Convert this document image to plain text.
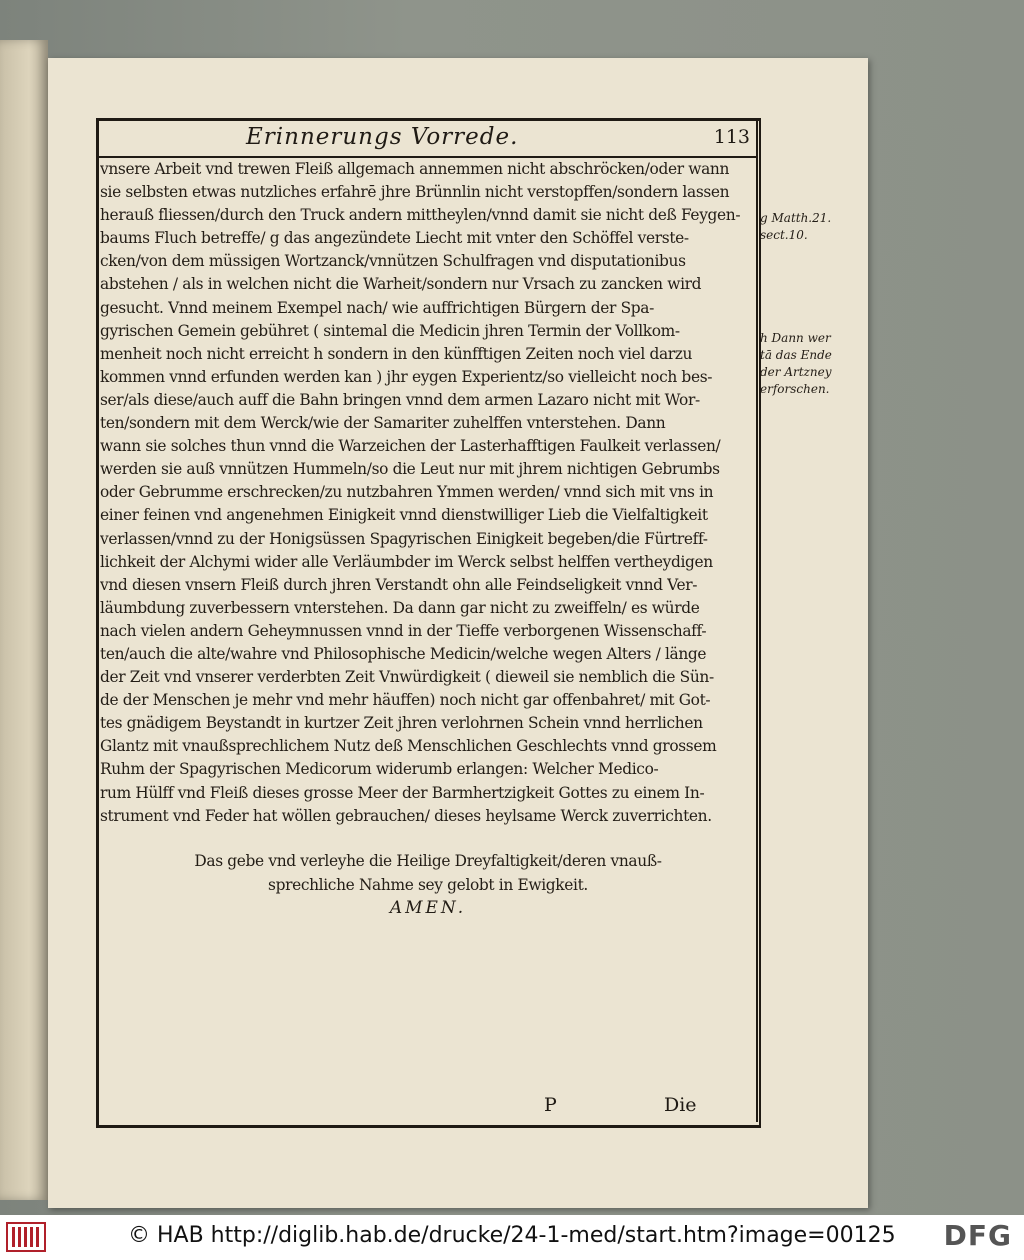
Erinnerungs Vorrede.	113
vnsere Arbeit vnd trewen Fleiß allgemach annemmen nicht abschröcken/oder wann
sie selbsten etwas nutzliches erfahrē jhre Brünnlin nicht verstopffen/sondern lassen
herauß fliessen/durch den Truck andern mittheylen/vnnd damit sie nicht deß Feygen-
baums Fluch betreffe/ g das angezündete Liecht mit vnter den Schöffel verste-
cken/von dem müssigen Wortzanck/vnnützen Schulfragen vnd disputationibus
abstehen / als in welchen nicht die Warheit/sondern nur Vrsach zu zancken wird
gesucht. Vnnd meinem Exempel nach/ wie auffrichtigen Bürgern der Spa-
gyrischen Gemein gebühret ( sintemal die Medicin jhren Termin der Vollkom-
menheit noch nicht erreicht h sondern in den künfftigen Zeiten noch viel darzu
kommen vnnd erfunden werden kan ) jhr eygen Experientz/so vielleicht noch bes-
ser/als diese/auch auff die Bahn bringen vnnd dem armen Lazaro nicht mit Wor-
ten/sondern mit dem Werck/wie der Samariter zuhelffen vnterstehen. Dann
wann sie solches thun vnnd die Warzeichen der Lasterhafftigen Faulkeit verlassen/
werden sie auß vnnützen Hummeln/so die Leut nur mit jhrem nichtigen Gebrumbs
oder Gebrumme erschrecken/zu nutzbahren Ymmen werden/ vnnd sich mit vns in
einer feinen vnd angenehmen Einigkeit vnnd dienstwilliger Lieb die Vielfaltigkeit
verlassen/vnnd zu der Honigsüssen Spagyrischen Einigkeit begeben/die Fürtreff-
lichkeit der Alchymi wider alle Verläumbder im Werck selbst helffen vertheydigen
vnd diesen vnsern Fleiß durch jhren Verstandt ohn alle Feindseligkeit vnnd Ver-
läumbdung zuverbessern vnterstehen. Da dann gar nicht zu zweiffeln/ es würde
nach vielen andern Geheymnussen vnnd in der Tieffe verborgenen Wissenschaff-
ten/auch die alte/wahre vnd Philosophische Medicin/welche wegen Alters / länge
der Zeit vnd vnserer verderbten Zeit Vnwürdigkeit ( dieweil sie nemblich die Sün-
de der Menschen je mehr vnd mehr häuffen) noch nicht gar offenbahret/ mit Got-
tes gnädigem Beystandt in kurtzer Zeit jhren verlohrnen Schein vnnd herrlichen
Glantz mit vnaußsprechlichem Nutz deß Menschlichen Geschlechts vnnd grossem
Ruhm der Spagyrischen Medicorum widerumb erlangen: Welcher Medico-
rum Hülff vnd Fleiß dieses grosse Meer der Barmhertzigkeit Gottes zu einem In-
strument vnd Feder hat wöllen gebrauchen/ dieses heylsame Werck zuverrichten.
Das gebe vnd verleyhe die Heilige Dreyfaltigkeit/deren vnauß-
sprechliche Nahme sey gelobt in Ewigkeit.
AMEN.
g Matth.21.
sect.10.
h Dann wer
tā das Ende
der Artzney
erforschen.
P	Die
© HAB http://diglib.hab.de/drucke/24-1-med/start.htm?image=00125 DFG
